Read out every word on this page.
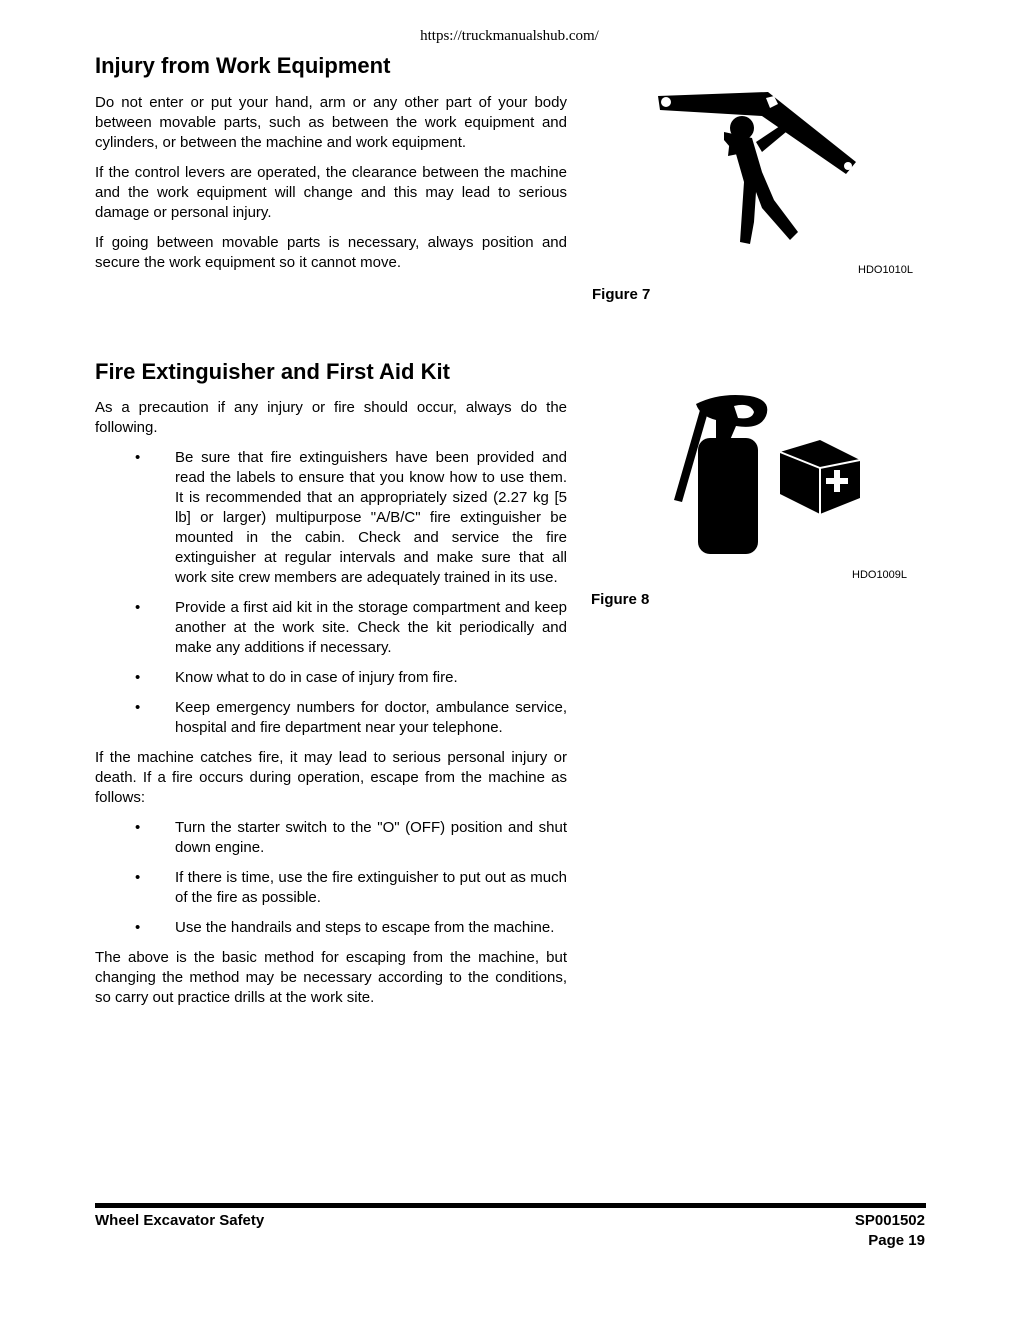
https://truckmanualshub.com/
Injury from Work Equipment

Do not enter or put your hand, arm or any other part of your body between movable parts, such as between the work equipment and cylinders, or between the machine and work equipment.

If the control levers are operated, the clearance between the machine and the work equipment will change and this may lead to serious damage or personal injury.

If going between movable parts is necessary, always position and secure the work equipment so it cannot move.	HDO1010L
Figure 7
Fire Extinguisher and First Aid Kit

As a precaution if any injury or fire should occur, always do the following.

•	Be sure that fire extinguishers have been provided and read the labels to ensure that you know how to use them. It is recommended that an appropriately sized (2.27 kg [5 lb] or larger) multipurpose "A/B/C" fire extinguisher be mounted in the cabin. Check and service the fire extinguisher at regular intervals and make sure that all work site crew members are adequately trained in its use.
•	Provide a first aid kit in the storage compartment and keep another at the work site. Check the kit periodically and make any additions if necessary.
•	Know what to do in case of injury from fire.
•	Keep emergency numbers for doctor, ambulance service, hospital and fire department near your telephone.

If the machine catches fire, it may lead to serious personal injury or death. If a fire occurs during operation, escape from the machine as follows:

•	Turn the starter switch to the "O" (OFF) position and shut down engine.
•	If there is time, use the fire extinguisher to put out as much of the fire as possible.
•	Use the handrails and steps to escape from the machine.

The above is the basic method for escaping from the machine, but changing the method may be necessary according to the conditions, so carry out practice drills at the work site.

HDO1009L
Figure 8
Wheel Excavator Safety	SP001502
Page 19
